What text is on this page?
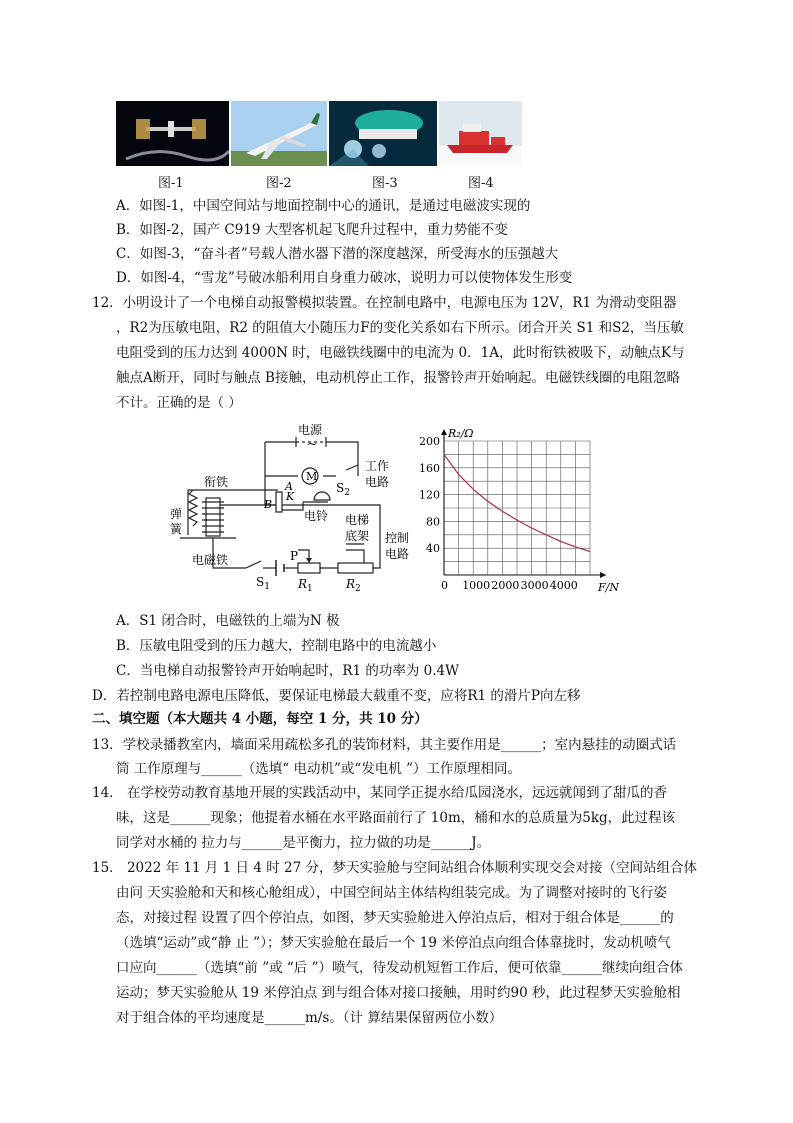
图-1	图-2	图-3	图-4
A．如图-1，中国空间站与地面控制中心的通讯，是通过电磁波实现的
B．如图-2，国产 C919 大型客机起飞爬升过程中，重力势能不变
C．如图-3，“奋斗者”号载人潜水器下潜的深度越深，所受海水的压强越大
D．如图-4，“雪龙”号破冰船利用自身重力破冰，说明力可以使物体发生形变
12．小明设计了一个电梯自动报警模拟装置。在控制电路中，电源电压为 12V，R1 为滑动变阻器
，R2为压敏电阻，R2 的阻值大小随压力F的变化关系如右下所示。闭合开关 S1 和S2，当压敏
电阻受到的压力达到 4000N 时，电磁铁线圈中的电流为 0．1A，此时衔铁被吸下，动触点K与
触点A断开，同时与触点 B接触，电动机停止工作，报警铃声开始响起。电磁铁线圈的电阻忽略
不计。正确的是（ ）
电源
~
M
$S_2$
工作
电路
衔铁
弹
簧
A
K
B
电铃
电磁铁
电梯
底架 控制
电路
$S_1$
P
$R_1$	$R_2$	0 1000 2000 3000 4000
40
80
120
160
200
R₂/Ω
F/N
A．S1 闭合时，电磁铁的上端为N 极
B．压敏电阻受到的压力越大，控制电路中的电流越小
C．当电梯自动报警铃声开始响起时，R1 的功率为 0.4W
D．若控制电路电源电压降低，要保证电梯最大载重不变，应将R1 的滑片P向左移
二、填空题（本大题共 4 小题，每空 1 分，共 10 分）
13．学校录播教室内，墙面采用疏松多孔的装饰材料，其主要作用是______；室内悬挂的动圈式话
筒 工作原理与______（选填“ 电动机”或“发电机 ”）工作原理相同。
14． 在学校劳动教育基地开展的实践活动中，某同学正提水给瓜园浇水，远远就闻到了甜瓜的香
味，这是______现象；他提着水桶在水平路面前行了 10m，桶和水的总质量为5kg，此过程该
同学对水桶的 拉力与______是平衡力，拉力做的功是______J。
15． 2022 年 11 月 1 日 4 时 27 分，梦天实验舱与空间站组合体顺利实现交会对接（空间站组合体
由问 天实验舱和天和核心舱组成），中国空间站主体结构组装完成。为了调整对接时的飞行姿
态，对接过程 设置了四个停泊点，如图，梦天实验舱进入停泊点后，相对于组合体是______的
（选填“运动”或“静 止 ”）；梦天实验舱在最后一个 19 米停泊点向组合体靠拢时，发动机喷气
口应向______（选填“前 ”或 “后 ”）喷气，待发动机短暂工作后，便可依靠______继续向组合体
运动；梦天实验舱从 19 米停泊点 到与组合体对接口接触，用时约90 秒，此过程梦天实验舱相
对于组合体的平均速度是______m/s。（计 算结果保留两位小数）
